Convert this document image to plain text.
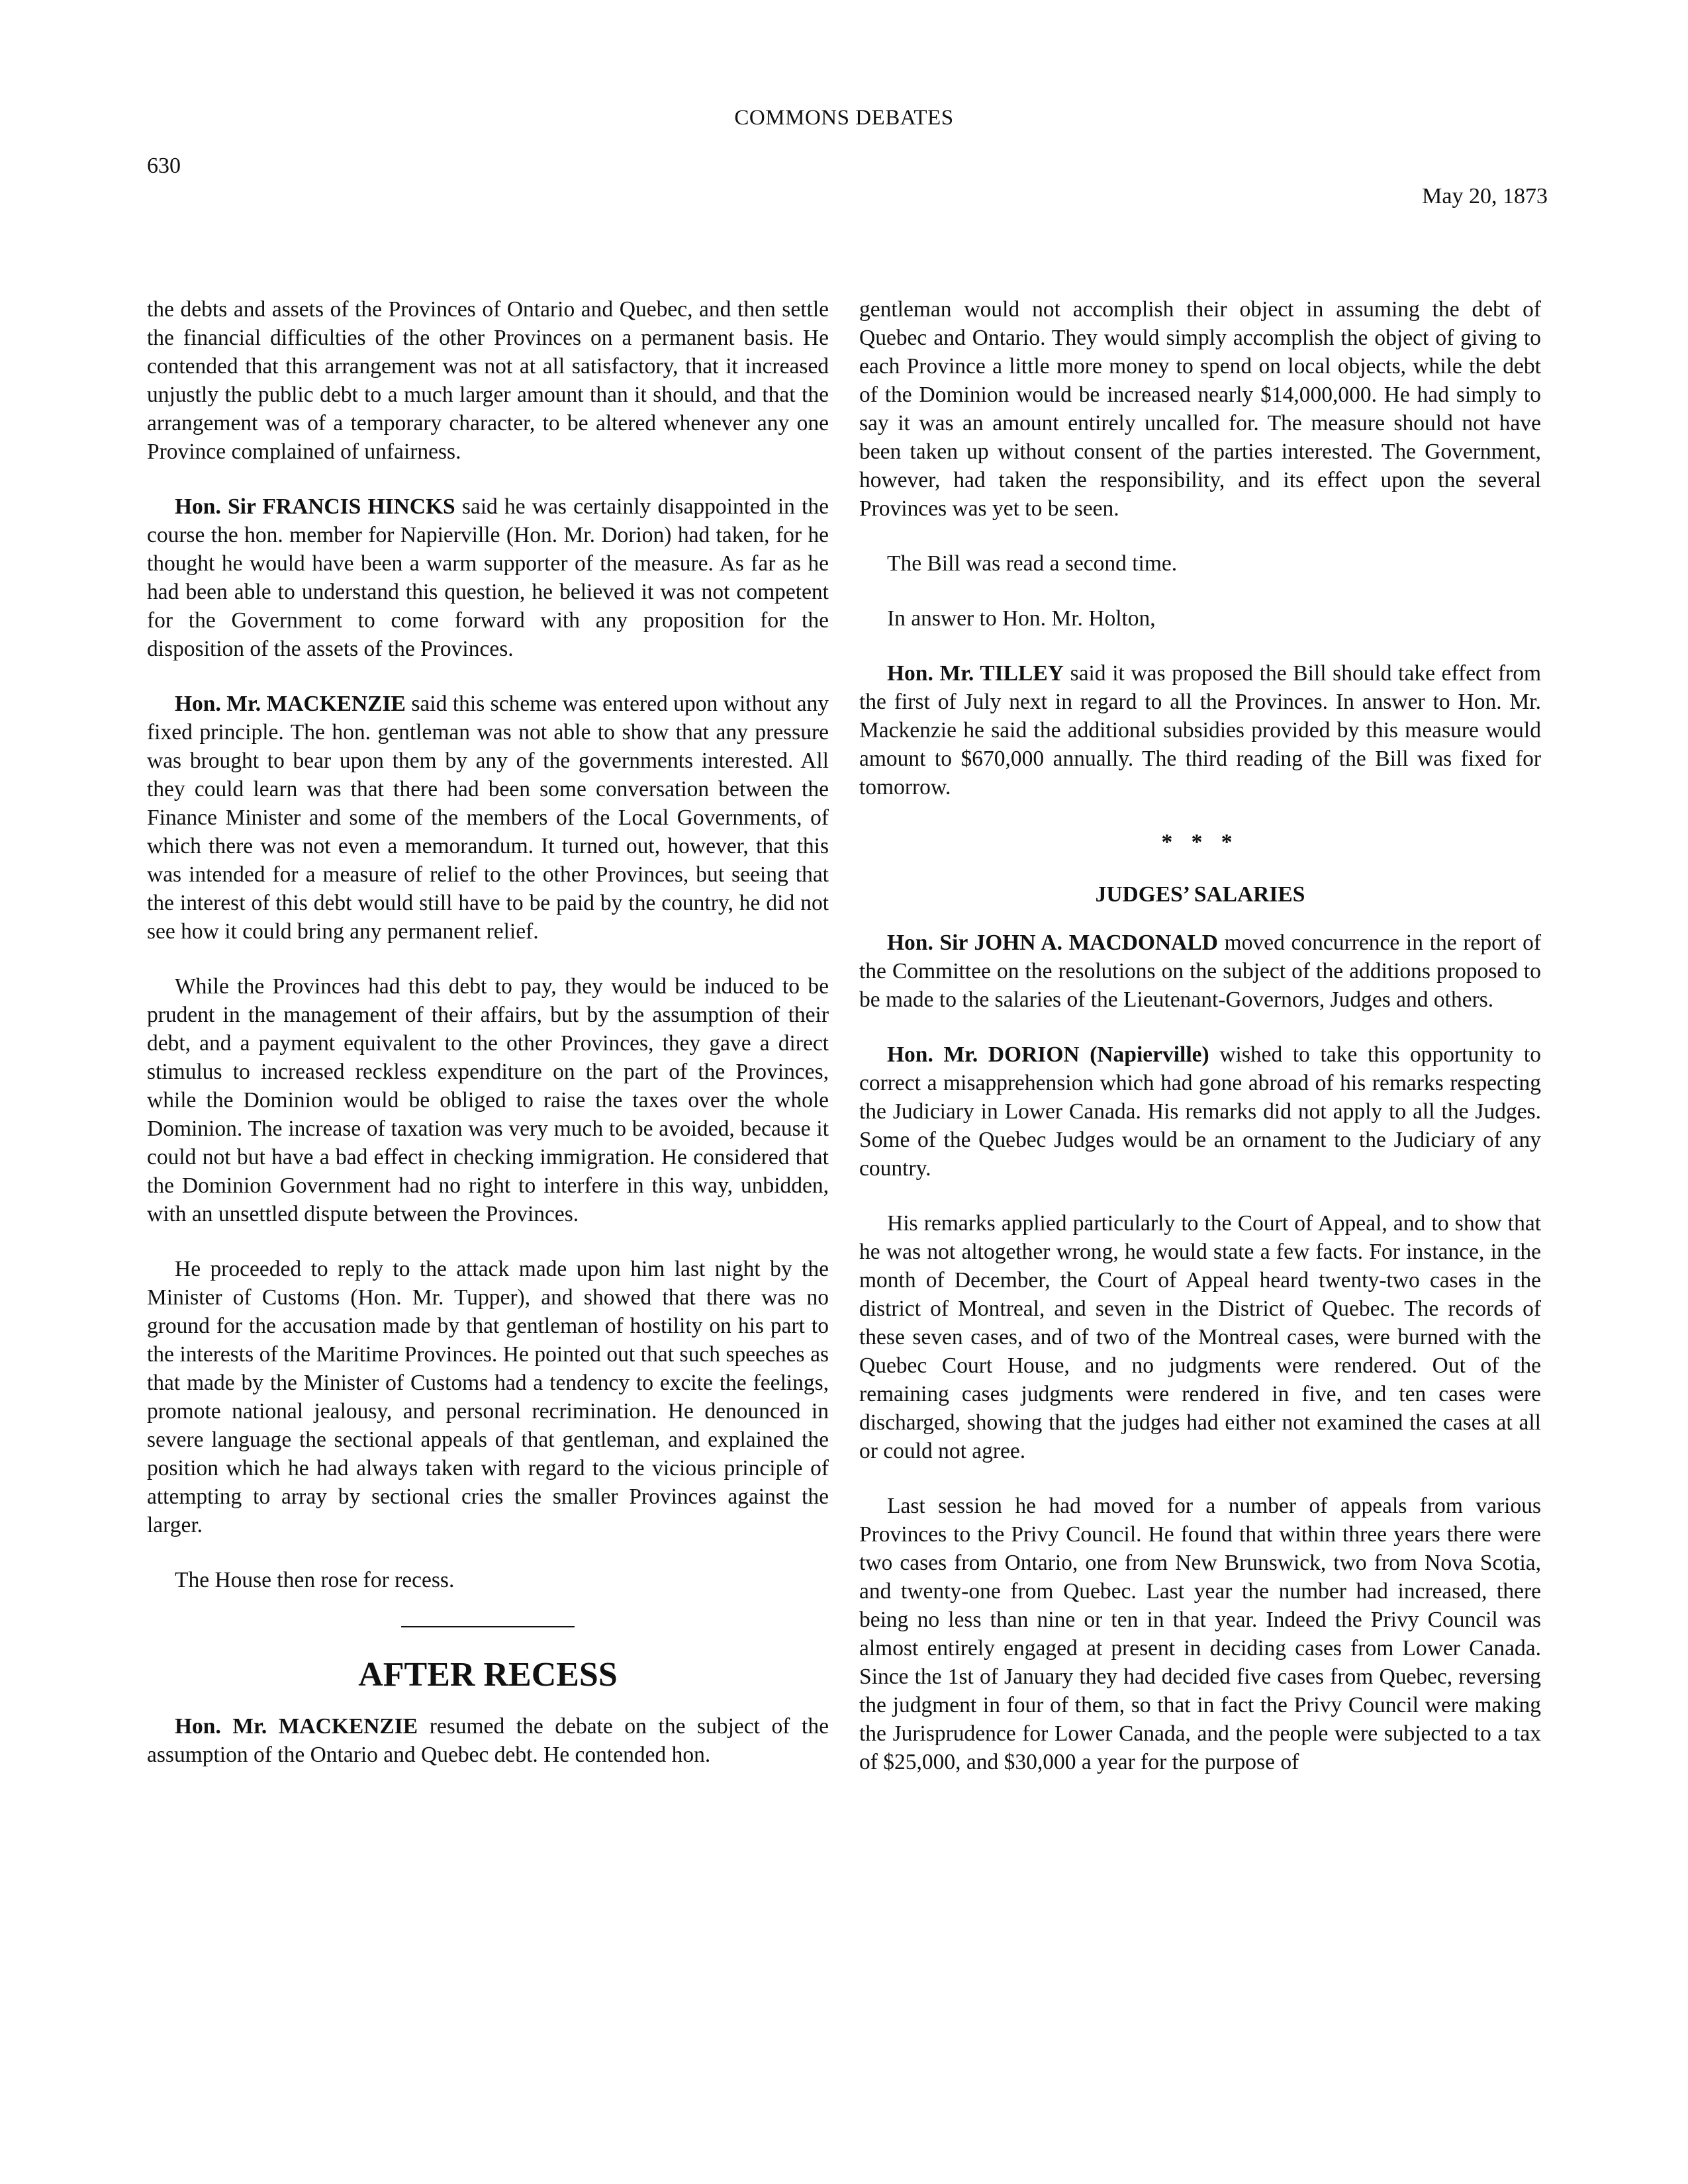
COMMONS DEBATES
630
May 20, 1873

the debts and assets of the Provinces of Ontario and Quebec, and then settle the financial difficulties of the other Provinces on a permanent basis. He contended that this arrangement was not at all satisfactory, that it increased unjustly the public debt to a much larger amount than it should, and that the arrangement was of a temporary character, to be altered whenever any one Province complained of unfairness.

Hon. Sir FRANCIS HINCKS said he was certainly disappointed in the course the hon. member for Napierville (Hon. Mr. Dorion) had taken, for he thought he would have been a warm supporter of the measure. As far as he had been able to understand this question, he believed it was not competent for the Government to come forward with any proposition for the disposition of the assets of the Provinces.

Hon. Mr. MACKENZIE said this scheme was entered upon without any fixed principle. The hon. gentleman was not able to show that any pressure was brought to bear upon them by any of the governments interested. All they could learn was that there had been some conversation between the Finance Minister and some of the members of the Local Governments, of which there was not even a memorandum. It turned out, however, that this was intended for a measure of relief to the other Provinces, but seeing that the interest of this debt would still have to be paid by the country, he did not see how it could bring any permanent relief.

While the Provinces had this debt to pay, they would be induced to be prudent in the management of their affairs, but by the assumption of their debt, and a payment equivalent to the other Provinces, they gave a direct stimulus to increased reckless expenditure on the part of the Provinces, while the Dominion would be obliged to raise the taxes over the whole Dominion. The increase of taxation was very much to be avoided, because it could not but have a bad effect in checking immigration. He considered that the Dominion Government had no right to interfere in this way, unbidden, with an unsettled dispute between the Provinces.

He proceeded to reply to the attack made upon him last night by the Minister of Customs (Hon. Mr. Tupper), and showed that there was no ground for the accusation made by that gentleman of hostility on his part to the interests of the Maritime Provinces. He pointed out that such speeches as that made by the Minister of Customs had a tendency to excite the feelings, promote national jealousy, and personal recrimination. He denounced in severe language the sectional appeals of that gentleman, and explained the position which he had always taken with regard to the vicious principle of attempting to array by sectional cries the smaller Provinces against the larger.

The House then rose for recess.

AFTER RECESS

Hon. Mr. MACKENZIE resumed the debate on the subject of the assumption of the Ontario and Quebec debt. He contended hon.

gentleman would not accomplish their object in assuming the debt of Quebec and Ontario. They would simply accomplish the object of giving to each Province a little more money to spend on local objects, while the debt of the Dominion would be increased nearly $14,000,000. He had simply to say it was an amount entirely uncalled for. The measure should not have been taken up without consent of the parties interested. The Government, however, had taken the responsibility, and its effect upon the several Provinces was yet to be seen.

The Bill was read a second time.

In answer to Hon. Mr. Holton,

Hon. Mr. TILLEY said it was proposed the Bill should take effect from the first of July next in regard to all the Provinces. In answer to Hon. Mr. Mackenzie he said the additional subsidies provided by this measure would amount to $670,000 annually. The third reading of the Bill was fixed for tomorrow.

* * *
JUDGES’ SALARIES

Hon. Sir JOHN A. MACDONALD moved concurrence in the report of the Committee on the resolutions on the subject of the additions proposed to be made to the salaries of the Lieutenant-Governors, Judges and others.

Hon. Mr. DORION (Napierville) wished to take this opportunity to correct a misapprehension which had gone abroad of his remarks respecting the Judiciary in Lower Canada. His remarks did not apply to all the Judges. Some of the Quebec Judges would be an ornament to the Judiciary of any country.

His remarks applied particularly to the Court of Appeal, and to show that he was not altogether wrong, he would state a few facts. For instance, in the month of December, the Court of Appeal heard twenty-two cases in the district of Montreal, and seven in the District of Quebec. The records of these seven cases, and of two of the Montreal cases, were burned with the Quebec Court House, and no judgments were rendered. Out of the remaining cases judgments were rendered in five, and ten cases were discharged, showing that the judges had either not examined the cases at all or could not agree.

Last session he had moved for a number of appeals from various Provinces to the Privy Council. He found that within three years there were two cases from Ontario, one from New Brunswick, two from Nova Scotia, and twenty-one from Quebec. Last year the number had increased, there being no less than nine or ten in that year. Indeed the Privy Council was almost entirely engaged at present in deciding cases from Lower Canada. Since the 1st of January they had decided five cases from Quebec, reversing the judgment in four of them, so that in fact the Privy Council were making the Jurisprudence for Lower Canada, and the people were subjected to a tax of $25,000, and $30,000 a year for the purpose of
